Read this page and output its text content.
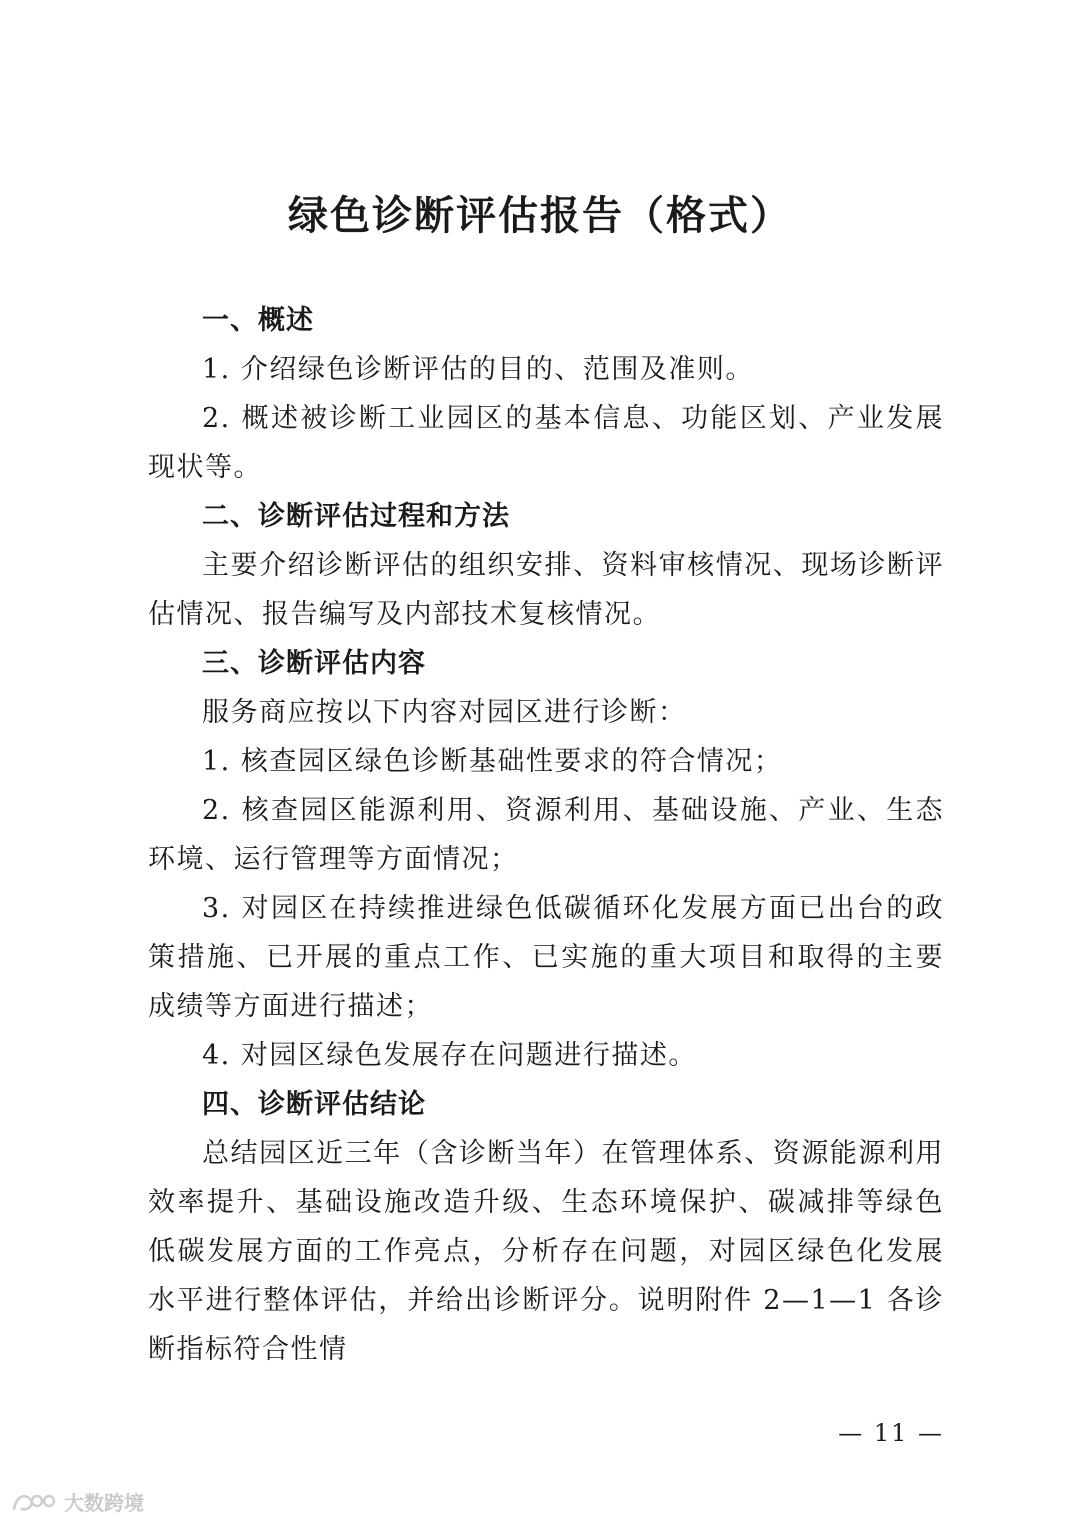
绿色诊断评估报告（格式）
一、概述

1. 介绍绿色诊断评估的目的、范围及准则。

2. 概述被诊断工业园区的基本信息、功能区划、产业发展现状等。

二、诊断评估过程和方法

主要介绍诊断评估的组织安排、资料审核情况、现场诊断评估情况、报告编写及内部技术复核情况。

三、诊断评估内容

服务商应按以下内容对园区进行诊断：

1. 核查园区绿色诊断基础性要求的符合情况；

2. 核查园区能源利用、资源利用、基础设施、产业、生态环境、运行管理等方面情况；

3. 对园区在持续推进绿色低碳循环化发展方面已出台的政策措施、已开展的重点工作、已实施的重大项目和取得的主要成绩等方面进行描述；

4. 对园区绿色发展存在问题进行描述。

四、诊断评估结论

总结园区近三年（含诊断当年）在管理体系、资源能源利用效率提升、基础设施改造升级、生态环境保护、碳减排等绿色低碳发展方面的工作亮点，分析存在问题，对园区绿色化发展水平进行整体评估，并给出诊断评分。说明附件 2—1—1 各诊断指标符合性情

— 11 —
大数跨境
